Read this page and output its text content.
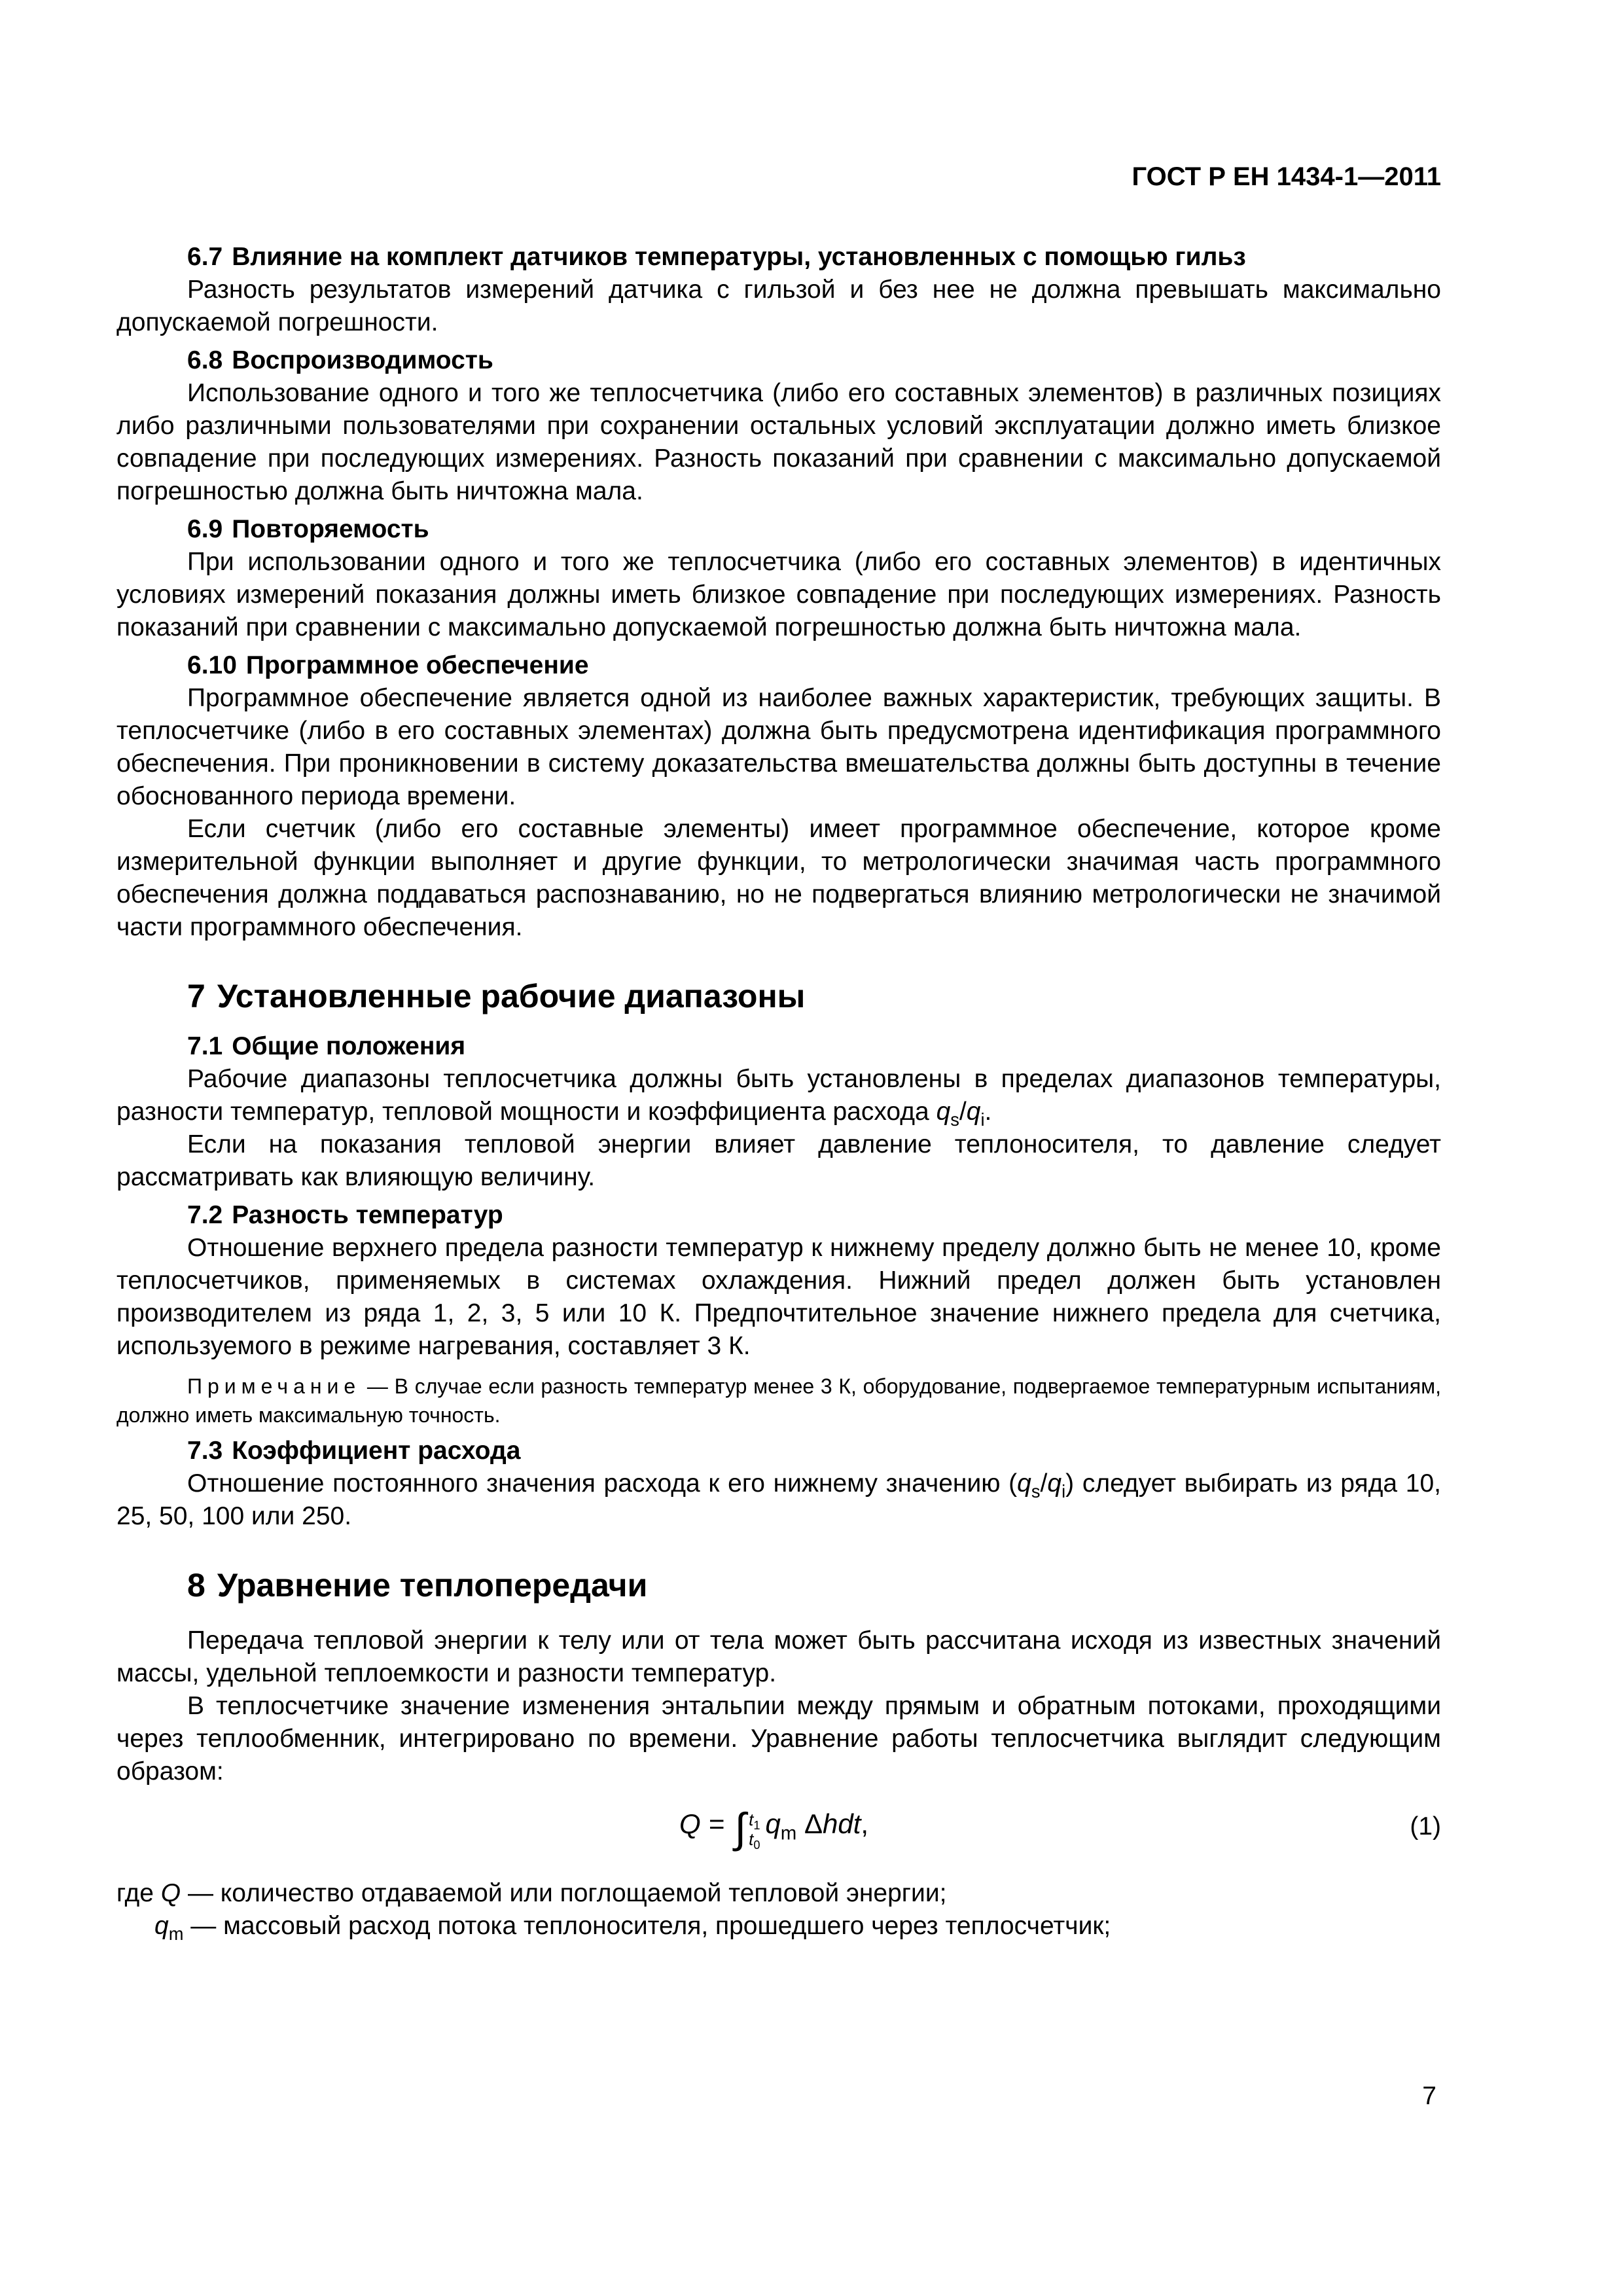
ГОСТ Р ЕН 1434-1—2011
6.7 Влияние на комплект датчиков температуры, установленных с помощью гильз

Разность результатов измерений датчика с гильзой и без нее не должна превышать максимально допускаемой погрешности.

6.8 Воспроизводимость

Использование одного и того же теплосчетчика (либо его составных элементов) в различных позициях либо различными пользователями при сохранении остальных условий эксплуатации должно иметь близкое совпадение при последующих измерениях. Разность показаний при сравнении с максимально допускаемой погрешностью должна быть ничтожна мала.

6.9 Повторяемость

При использовании одного и того же теплосчетчика (либо его составных элементов) в идентичных условиях измерений показания должны иметь близкое совпадение при последующих измерениях. Разность показаний при сравнении с максимально допускаемой погрешностью должна быть ничтожна мала.

6.10 Программное обеспечение

Программное обеспечение является одной из наиболее важных характеристик, требующих защиты. В теплосчетчике (либо в его составных элементах) должна быть предусмотрена идентификация программного обеспечения. При проникновении в систему доказательства вмешательства должны быть доступны в течение обоснованного периода времени.

Если счетчик (либо его составные элементы) имеет программное обеспечение, которое кроме измерительной функции выполняет и другие функции, то метрологически значимая часть программного обеспечения должна поддаваться распознаванию, но не подвергаться влиянию метрологически не значимой части программного обеспечения.

7 Установленные рабочие диапазоны
7.1 Общие положения

Рабочие диапазоны теплосчетчика должны быть установлены в пределах диапазонов температуры, разности температур, тепловой мощности и коэффициента расхода $q_s/q_i$.

Если на показания тепловой энергии влияет давление теплоносителя, то давление следует рассматривать как влияющую величину.

7.2 Разность температур

Отношение верхнего предела разности температур к нижнему пределу должно быть не менее 10, кроме теплосчетчиков, применяемых в системах охлаждения. Нижний предел должен быть установлен производителем из ряда 1, 2, 3, 5 или 10 К. Предпочтительное значение нижнего предела для счетчика, используемого в режиме нагревания, составляет 3 К.

Примечание — В случае если разность температур менее 3 К, оборудование, подвергаемое температурным испытаниям, должно иметь максимальную точность.
7.3 Коэффициент расхода

Отношение постоянного значения расхода к его нижнему значению $(q_s/q_i)$ следует выбирать из ряда 10, 25, 50, 100 или 250.

8 Уравнение теплопередачи

Передача тепловой энергии к телу или от тела может быть рассчитана исходя из известных значений массы, удельной теплоемкости и разности температур.

В теплосчетчике значение изменения энтальпии между прямым и обратным потоками, проходящими через теплообменник, интегрировано по времени. Уравнение работы теплосчетчика выглядит следующим образом:

Q = ∫ $t_1$
$t_0$
$q_m$ Δhdt,	(1)

где Q — количество отдаваемой или поглощаемой тепловой энергии;

$q_m$ — массовый расход потока теплоносителя, прошедшего через теплосчетчик;

7
